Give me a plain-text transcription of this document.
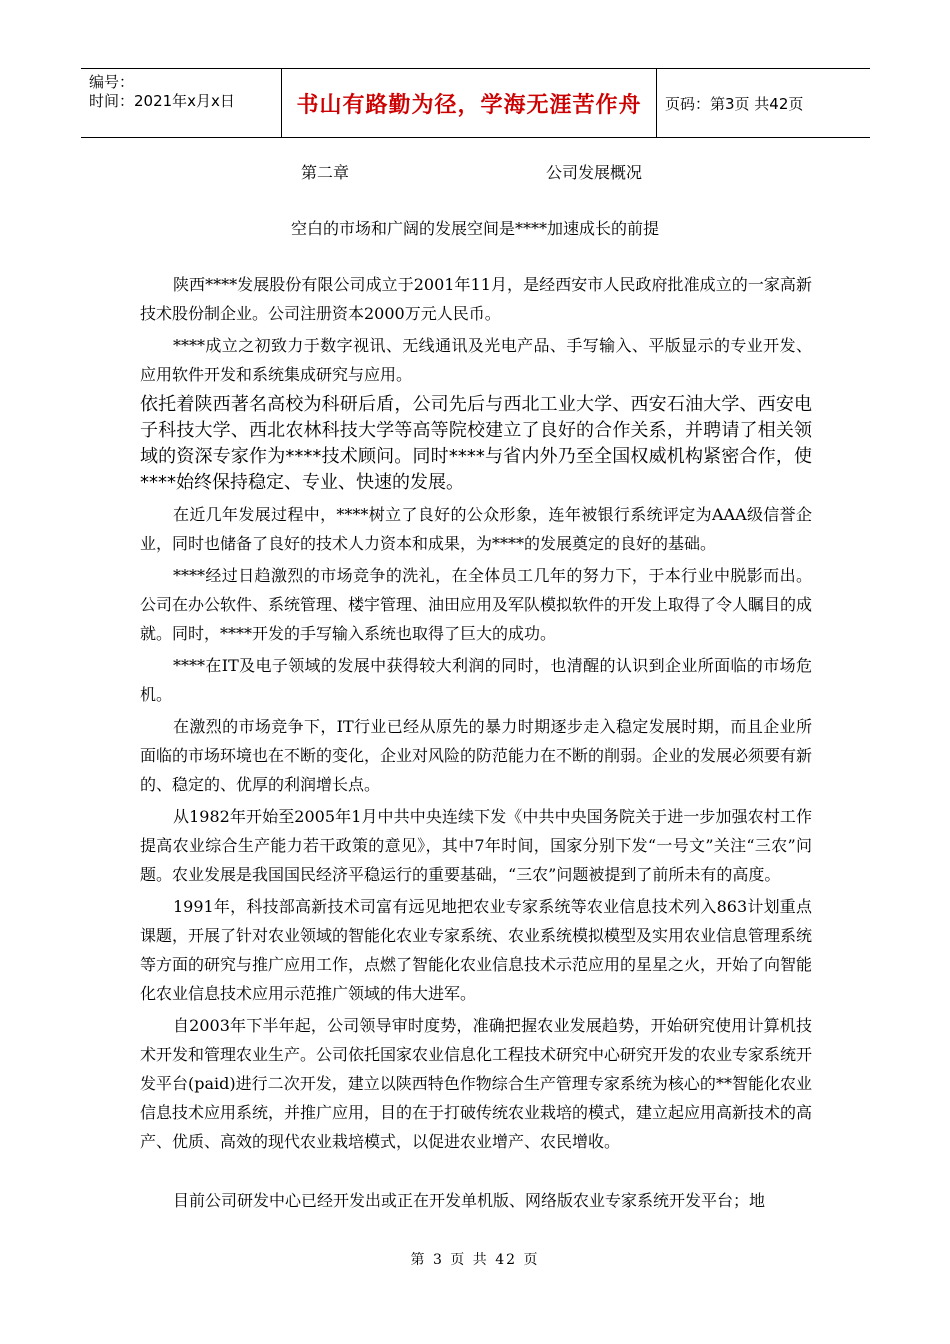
编号：
时间：2021年x月x日	书山有路勤为径，学海无涯苦作舟	页码：第3页 共42页
第二章	公司发展概况
空白的市场和广阔的发展空间是****加速成长的前提

陕西****发展股份有限公司成立于2001年11月，是经西安市人民政府批准成立的一家高新技术股份制企业。公司注册资本2000万元人民币。

****成立之初致力于数字视讯、无线通讯及光电产品、手写输入、平版显示的专业开发、应用软件开发和系统集成研究与应用。

依托着陕西著名高校为科研后盾，公司先后与西北工业大学、西安石油大学、西安电子科技大学、西北农林科技大学等高等院校建立了良好的合作关系，并聘请了相关领域的资深专家作为****技术顾问。同时****与省内外乃至全国权威机构紧密合作，使****始终保持稳定、专业、快速的发展。

在近几年发展过程中，****树立了良好的公众形象，连年被银行系统评定为AAA级信誉企业，同时也储备了良好的技术人力资本和成果，为****的发展奠定的良好的基础。

****经过日趋激烈的市场竞争的洗礼，在全体员工几年的努力下，于本行业中脱影而出。公司在办公软件、系统管理、楼宇管理、油田应用及军队模拟软件的开发上取得了令人瞩目的成就。同时，****开发的手写输入系统也取得了巨大的成功。

****在IT及电子领域的发展中获得较大利润的同时，也清醒的认识到企业所面临的市场危机。

在激烈的市场竞争下，IT行业已经从原先的暴力时期逐步走入稳定发展时期，而且企业所面临的市场环境也在不断的变化，企业对风险的防范能力在不断的削弱。企业的发展必须要有新的、稳定的、优厚的利润增长点。

从1982年开始至2005年1月中共中央连续下发《中共中央国务院关于进一步加强农村工作提高农业综合生产能力若干政策的意见》，其中7年时间，国家分别下发“一号文”关注“三农”问题。农业发展是我国国民经济平稳运行的重要基础，“三农”问题被提到了前所未有的高度。

1991年，科技部高新技术司富有远见地把农业专家系统等农业信息技术列入863计划重点课题，开展了针对农业领域的智能化农业专家系统、农业系统模拟模型及实用农业信息管理系统等方面的研究与推广应用工作，点燃了智能化农业信息技术示范应用的星星之火，开始了向智能化农业信息技术应用示范推广领域的伟大进军。

自2003年下半年起，公司领导审时度势，准确把握农业发展趋势，开始研究使用计算机技术开发和管理农业生产。公司依托国家农业信息化工程技术研究中心研究开发的农业专家系统开发平台(paid)进行二次开发，建立以陕西特色作物综合生产管理专家系统为核心的**智能化农业信息技术应用系统，并推广应用，目的在于打破传统农业栽培的模式，建立起应用高新技术的高产、优质、高效的现代农业栽培模式，以促进农业增产、农民增收。

目前公司研发中心已经开发出或正在开发单机版、网络版农业专家系统开发平台；地

第 3 页 共 42 页
